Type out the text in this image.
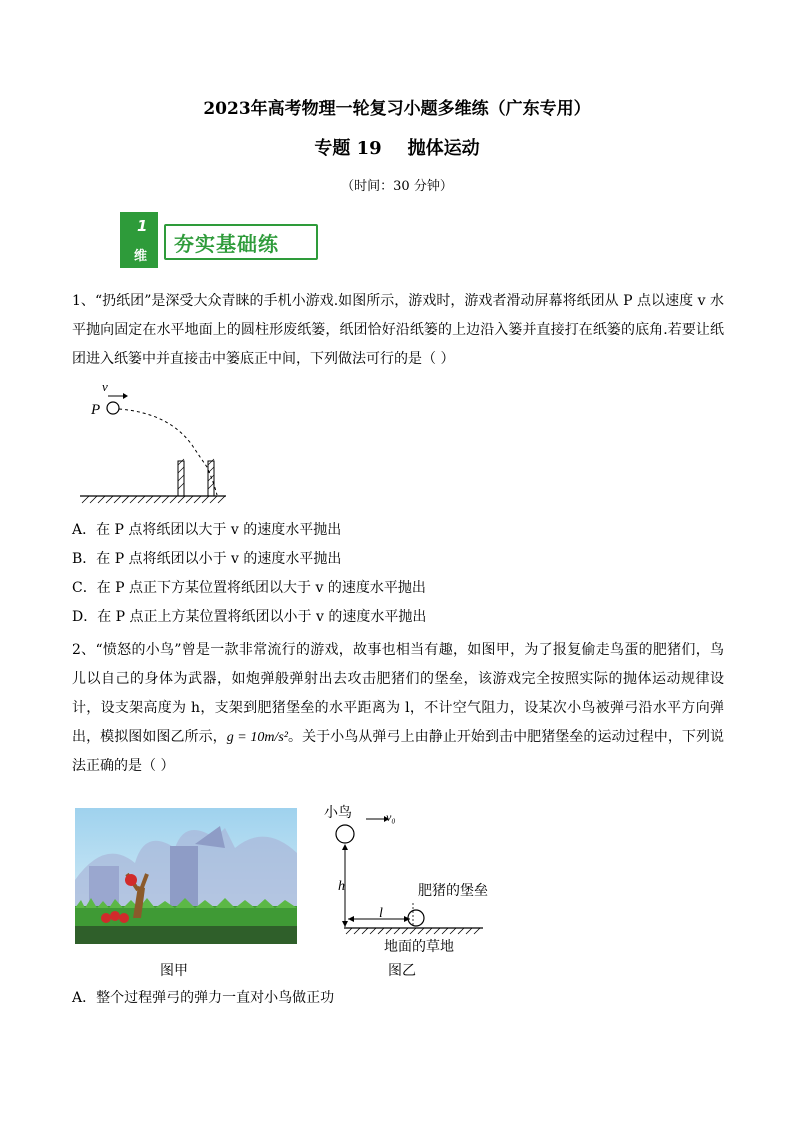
2023年高考物理一轮复习小题多维练（广东专用）
专题 19 抛体运动
（时间：30 分钟）
1
维
夯实基础练

1、“扔纸团”是深受大众青睐的手机小游戏.如图所示，游戏时，游戏者滑动屏幕将纸团从 P 点以速度 v 水平抛向固定在水平地面上的圆柱形废纸篓，纸团恰好沿纸篓的上边沿入篓并直接打在纸篓的底角.若要让纸团进入纸篓中并直接击中篓底正中间，下列做法可行的是（ ）

v
P
A．在 P 点将纸团以大于 v 的速度水平抛出
B．在 P 点将纸团以小于 v 的速度水平抛出
C．在 P 点正下方某位置将纸团以大于 v 的速度水平抛出
D．在 P 点正上方某位置将纸团以小于 v 的速度水平抛出

2、“愤怒的小鸟”曾是一款非常流行的游戏，故事也相当有趣，如图甲，为了报复偷走鸟蛋的肥猪们，鸟儿以自己的身体为武器，如炮弹般弹射出去攻击肥猪们的堡垒，该游戏完全按照实际的抛体运动规律设计，设支架高度为 h，支架到肥猪堡垒的水平距离为 l，不计空气阻力，设某次小鸟被弹弓沿水平方向弹出，模拟图如图乙所示，g = 10m/s²。关于小鸟从弹弓上由静止开始到击中肥猪堡垒的运动过程中，下列说法正确的是（ ）

图甲
小鸟	v₀
h
l
肥猪的堡垒
地面的草地
图乙
A．整个过程弹弓的弹力一直对小鸟做正功
